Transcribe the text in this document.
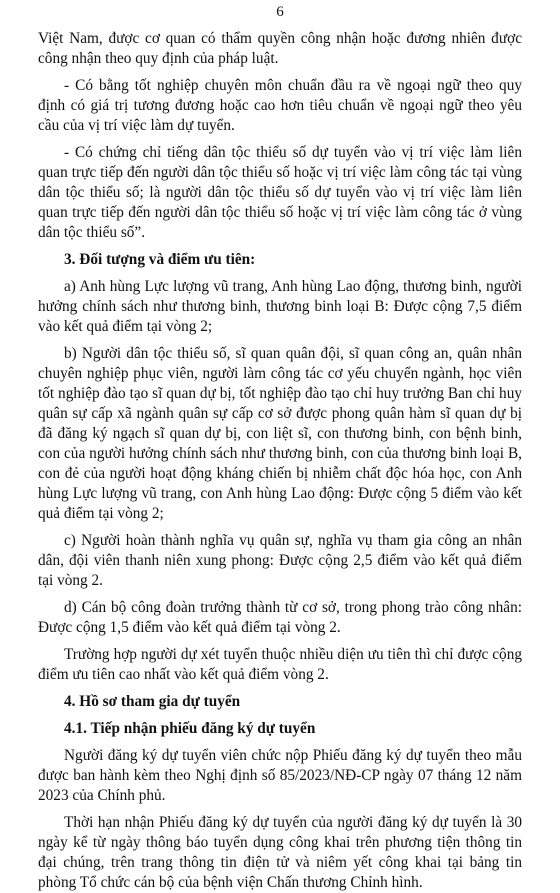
6

Việt Nam, được cơ quan có thẩm quyền công nhận hoặc đương nhiên được công nhận theo quy định của pháp luật.

- Có bằng tốt nghiệp chuyên môn chuẩn đầu ra về ngoại ngữ theo quy định có giá trị tương đương hoặc cao hơn tiêu chuẩn về ngoại ngữ theo yêu cầu của vị trí việc làm dự tuyển.

- Có chứng chỉ tiếng dân tộc thiểu số dự tuyển vào vị trí việc làm liên quan trực tiếp đến người dân tộc thiểu số hoặc vị trí việc làm công tác tại vùng dân tộc thiểu số; là người dân tộc thiểu số dự tuyển vào vị trí việc làm liên quan trực tiếp đến người dân tộc thiểu số hoặc vị trí việc làm công tác ở vùng dân tộc thiểu số”.

3. Đối tượng và điểm ưu tiên:

a) Anh hùng Lực lượng vũ trang, Anh hùng Lao động, thương binh, người hưởng chính sách như thương binh, thương binh loại B: Được cộng 7,5 điểm vào kết quả điểm tại vòng 2;

b) Người dân tộc thiểu số, sĩ quan quân đội, sĩ quan công an, quân nhân chuyên nghiệp phục viên, người làm công tác cơ yếu chuyển ngành, học viên tốt nghiệp đào tạo sĩ quan dự bị, tốt nghiệp đào tạo chỉ huy trưởng Ban chỉ huy quân sự cấp xã ngành quân sự cấp cơ sở được phong quân hàm sĩ quan dự bị đã đăng ký ngạch sĩ quan dự bị, con liệt sĩ, con thương binh, con bệnh binh, con của người hưởng chính sách như thương binh, con của thương binh loại B, con đẻ của người hoạt động kháng chiến bị nhiễm chất độc hóa học, con Anh hùng Lực lượng vũ trang, con Anh hùng Lao động: Được cộng 5 điểm vào kết quả điểm tại vòng 2;

c) Người hoàn thành nghĩa vụ quân sự, nghĩa vụ tham gia công an nhân dân, đội viên thanh niên xung phong: Được cộng 2,5 điểm vào kết quả điểm tại vòng 2.

d) Cán bộ công đoàn trưởng thành từ cơ sở, trong phong trào công nhân: Được cộng 1,5 điểm vào kết quả điểm tại vòng 2.

Trường hợp người dự xét tuyển thuộc nhiều diện ưu tiên thì chỉ được cộng điểm ưu tiên cao nhất vào kết quả điểm vòng 2.

4. Hồ sơ tham gia dự tuyển
4.1. Tiếp nhận phiếu đăng ký dự tuyển

Người đăng ký dự tuyển viên chức nộp Phiếu đăng ký dự tuyển theo mẫu được ban hành kèm theo Nghị định số 85/2023/NĐ-CP ngày 07 tháng 12 năm 2023 của Chính phủ.

Thời hạn nhận Phiếu đăng ký dự tuyển của người đăng ký dự tuyển là 30 ngày kể từ ngày thông báo tuyển dụng công khai trên phương tiện thông tin đại chúng, trên trang thông tin điện tử và niêm yết công khai tại bảng tin phòng Tổ chức cán bộ của bệnh viện Chấn thương Chỉnh hình.
